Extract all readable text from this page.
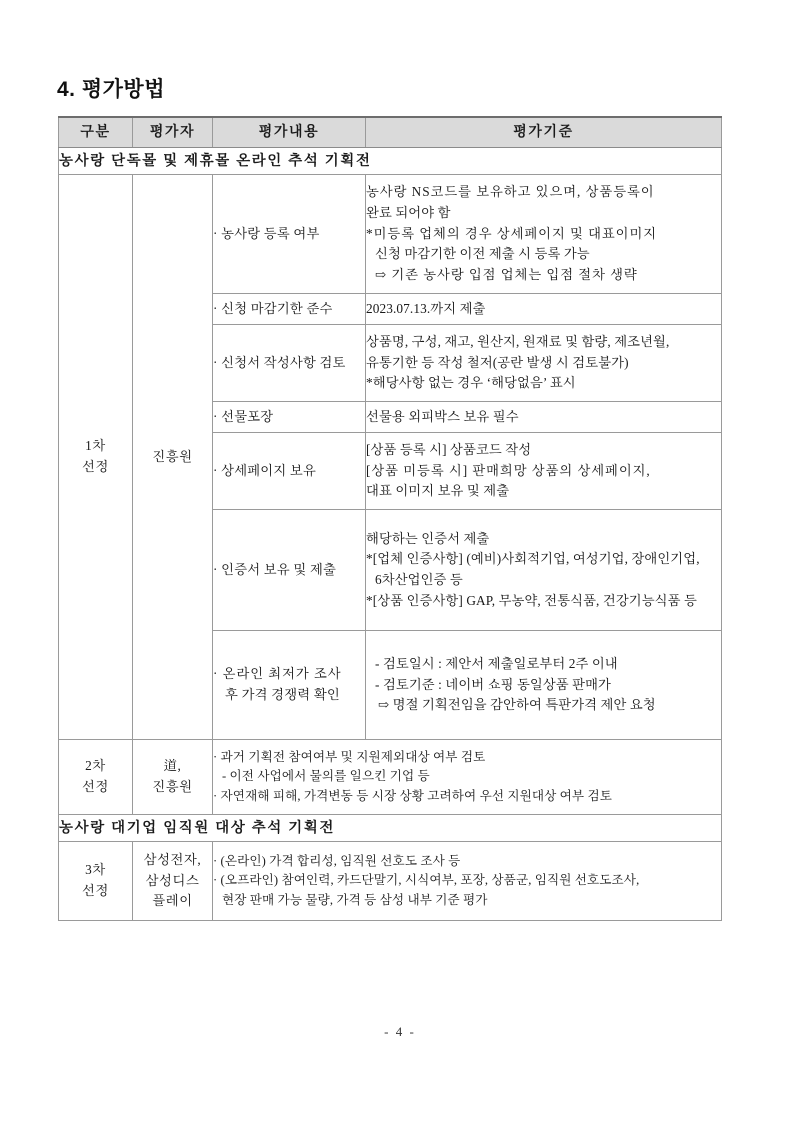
4. 평가방법
구분	평가자	평가내용	평가기준
농사랑 단독몰 및 제휴몰 온라인 추석 기획전			

1차
선정	진흥원	· 농사랑 등록 여부	농사랑 NS코드를 보유하고 있으며, 상품등록이
완료 되어야 함
*미등록 업체의 경우 상세페이지 및 대표이미지
신청 마감기한 이전 제출 시 등록 가능
⇨ 기존 농사랑 입점 업체는 입점 절차 생략

		· 신청 마감기한 준수	2023.07.13.까지 제출

		· 신청서 작성사항 검토	상품명, 구성, 재고, 원산지, 원재료 및 함량, 제조년월,
유통기한 등 작성 철저(공란 발생 시 검토불가)
*해당사항 없는 경우 ‘해당없음’ 표시

		· 선물포장	선물용 외피박스 보유 필수

		· 상세페이지 보유	[상품 등록 시] 상품코드 작성
[상품 미등록 시] 판매희망 상품의 상세페이지,
대표 이미지 보유 및 제출

		· 인증서 보유 및 제출	해당하는 인증서 제출
*[업체 인증사항] (예비)사회적기업, 여성기업, 장애인기업,
6차산업인증 등
*[상품 인증사항] GAP, 무농약, 전통식품, 건강기능식품 등

		· 온라인 최저가 조사
후 가격 경쟁력 확인	- 검토일시 : 제안서 제출일로부터 2주 이내
- 검토기준 : 네이버 쇼핑 동일상품 판매가
⇨ 명절 기획전임을 감안하여 특판가격 제안 요청

2차
선정	道,
진흥원	· 과거 기획전 참여여부 및 지원제외대상 여부 검토
- 이전 사업에서 물의를 일으킨 기업 등
· 자연재해 피해, 가격변동 등 시장 상황 고려하여 우선 지원대상 여부 검토	

농사랑 대기업 임직원 대상 추석 기획전			

3차
선정	삼성전자,
삼성디스
플레이	· (온라인) 가격 합리성, 임직원 선호도 조사 등
· (오프라인) 참여인력, 카드단말기, 시식여부, 포장, 상품군, 임직원 선호도조사,
현장 판매 가능 물량, 가격 등 삼성 내부 기준 평가	
- 4 -
